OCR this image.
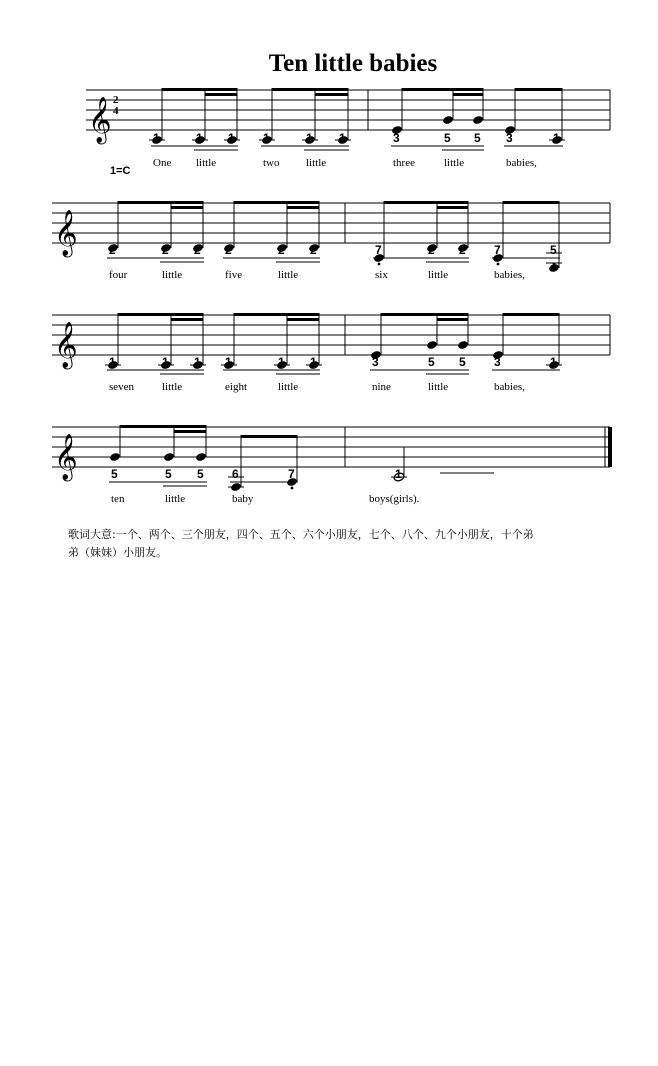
Ten little babies
𝄞 2
4
1=C
1
One
1
little
1 1
two
1
little
1	3
three
5
little
5 3
babies,
1
𝄞	2
four
2
little
2 2
five
2
little
2	7
six
2
little
2 7
babies,
5
𝄞	1
seven
1
little
1 1
eight
1
little
1	3
nine
5
little
5 3
babies,
1
𝄞	5
ten
5
little
5 6
baby
7	1
boys(girls).
歌词大意:一个、两个、三个朋友，四个、五个、六个小朋友，七个、八个、九个小朋友，十个弟弟（妹妹）小朋友。
